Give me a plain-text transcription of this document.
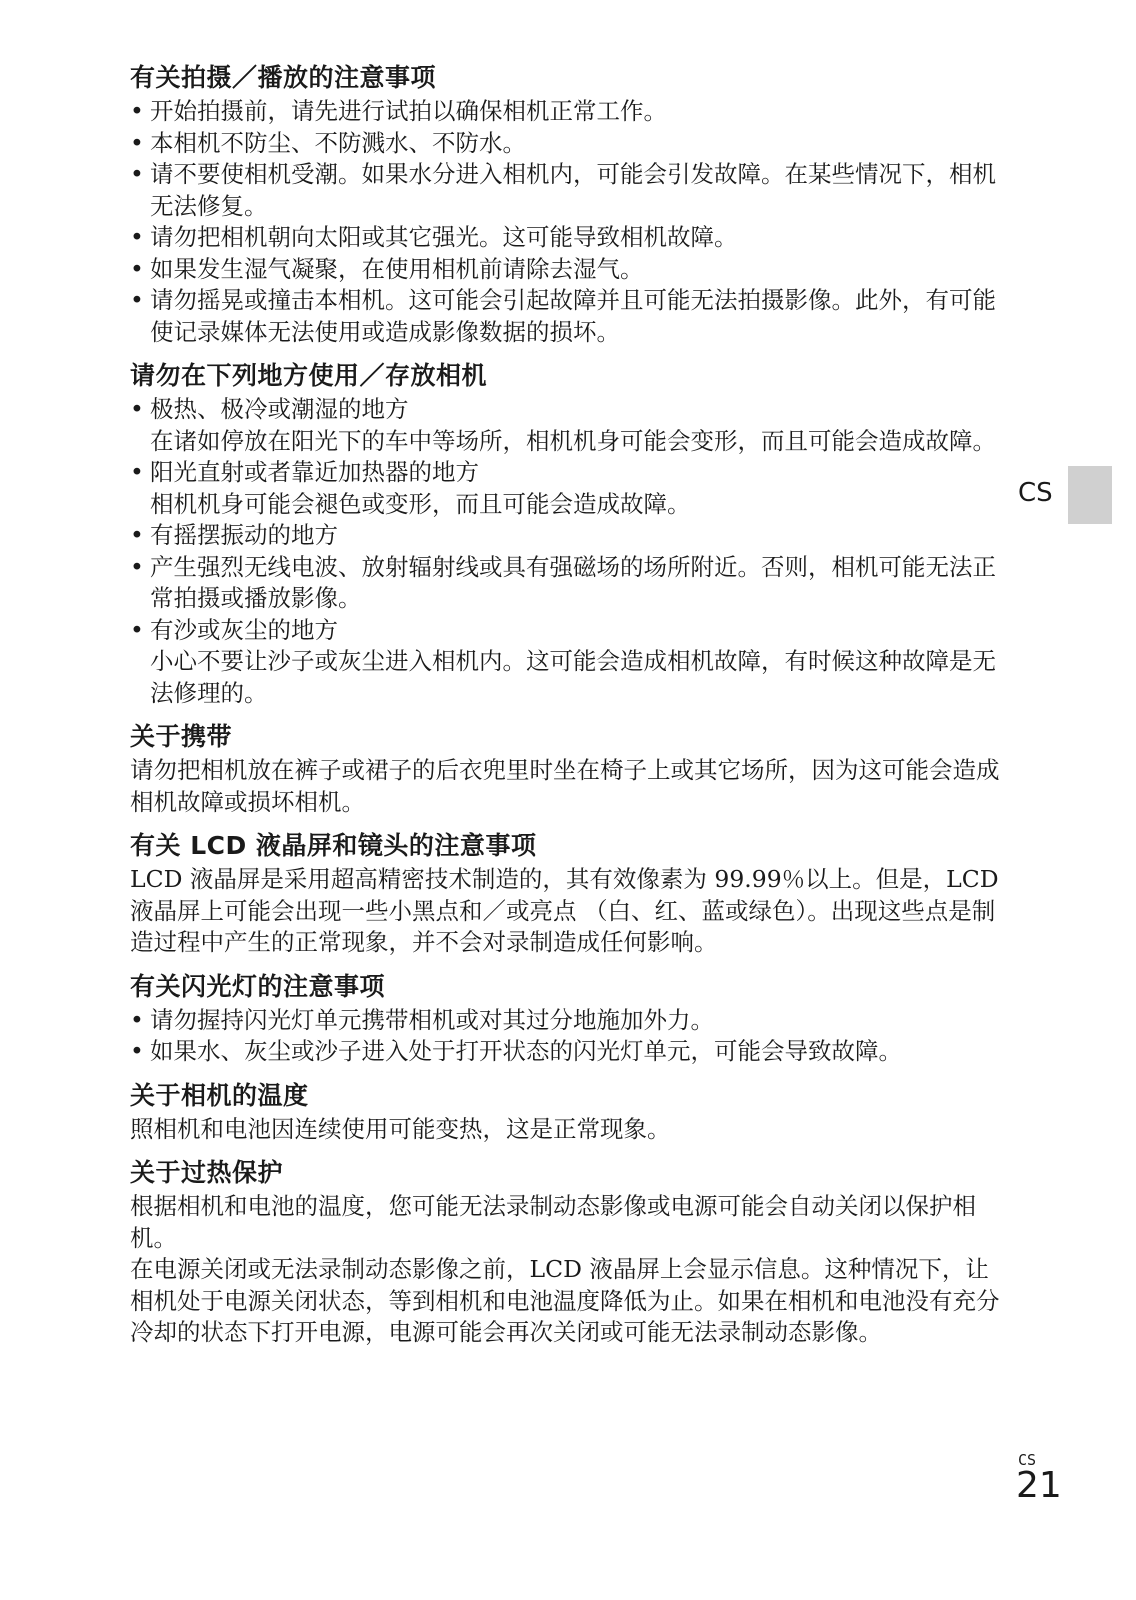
有关拍摄／播放的注意事项
• 开始拍摄前，请先进行试拍以确保相机正常工作。
• 本相机不防尘、不防溅水、不防水。
• 请不要使相机受潮。如果水分进入相机内，可能会引发故障。在某些情况下，相机无法修复。
• 请勿把相机朝向太阳或其它强光。这可能导致相机故障。
• 如果发生湿气凝聚，在使用相机前请除去湿气。
• 请勿摇晃或撞击本相机。这可能会引起故障并且可能无法拍摄影像。此外，有可能使记录媒体无法使用或造成影像数据的损坏。
请勿在下列地方使用／存放相机
• 极热、极冷或潮湿的地方
在诸如停放在阳光下的车中等场所，相机机身可能会变形，而且可能会造成故障。
• 阳光直射或者靠近加热器的地方
相机机身可能会褪色或变形，而且可能会造成故障。
• 有摇摆振动的地方
• 产生强烈无线电波、放射辐射线或具有强磁场的场所附近。否则，相机可能无法正常拍摄或播放影像。
• 有沙或灰尘的地方
小心不要让沙子或灰尘进入相机内。这可能会造成相机故障，有时候这种故障是无法修理的。
关于携带

请勿把相机放在裤子或裙子的后衣兜里时坐在椅子上或其它场所，因为这可能会造成相机故障或损坏相机。

有关 LCD 液晶屏和镜头的注意事项

LCD 液晶屏是采用超高精密技术制造的，其有效像素为 99.99％以上。但是，LCD 液晶屏上可能会出现一些小黑点和／或亮点 （白、红、蓝或绿色）。出现这些点是制造过程中产生的正常现象，并不会对录制造成任何影响。

有关闪光灯的注意事项
• 请勿握持闪光灯单元携带相机或对其过分地施加外力。
• 如果水、灰尘或沙子进入处于打开状态的闪光灯单元，可能会导致故障。
关于相机的温度

照相机和电池因连续使用可能变热，这是正常现象。

关于过热保护

根据相机和电池的温度，您可能无法录制动态影像或电源可能会自动关闭以保护相机。

在电源关闭或无法录制动态影像之前，LCD 液晶屏上会显示信息。这种情况下，让相机处于电源关闭状态，等到相机和电池温度降低为止。如果在相机和电池没有充分冷却的状态下打开电源，电源可能会再次关闭或可能无法录制动态影像。

CS
CS
21
